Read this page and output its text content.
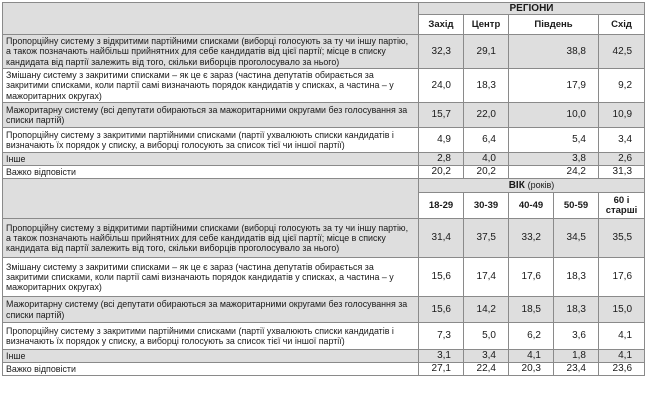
	РЕГІОНИ				
	Захід	Центр	Південь		Схід
Пропорційну систему з відкритими партійними списками (виборці голосують за ту чи іншу партію, а також позначають найбільш прийнятних для себе кандидатів від цієї партії; місце в списку кандидата від партії залежить від того, скільки виборців проголосувало за нього)	32,3	29,1	38,8		42,5
Змішану систему з закритими списками – як це є зараз (частина депутатів обирається за закритими списками, коли партії самі визначають порядок кандидатів у списках, а частина – у мажоритарних округах)	24,0	18,3	17,9		9,2
Мажоритарну систему (всі депутати обираються за мажоритарними округами без голосування за списки партій)	15,7	22,0	10,0		10,9
Пропорційну систему з закритими партійними списками (партії ухвалюють списки кандидатів і визначають їх порядок у списку, а виборці голосують за список тієї чи іншої партії)	4,9	6,4	5,4		3,4
Інше	2,8	4,0	3,8		2,6
Важко відповісти	20,2	20,2	24,2		31,3
	ВІК (років)				
	18-29	30-39	40-49	50-59	60 і
старші
Пропорційну систему з відкритими партійними списками (виборці голосують за ту чи іншу партію, а також позначають найбільш прийнятних для себе кандидатів від цієї партії; місце в списку кандидата від партії залежить від того, скільки виборців проголосувало за нього)	31,4	37,5	33,2	34,5	35,5
Змішану систему з закритими списками – як це є зараз (частина депутатів обирається за закритими списками, коли партії самі визначають порядок кандидатів у списках, а частина – у мажоритарних округах)	15,6	17,4	17,6	18,3	17,6
Мажоритарну систему (всі депутати обираються за мажоритарними округами без голосування за списки партій)	15,6	14,2	18,5	18,3	15,0
Пропорційну систему з закритими партійними списками (партії ухвалюють списки кандидатів і визначають їх порядок у списку, а виборці голосують за список тієї чи іншої партії)	7,3	5,0	6,2	3,6	4,1
Інше	3,1	3,4	4,1	1,8	4,1
Важко відповісти	27,1	22,4	20,3	23,4	23,6
